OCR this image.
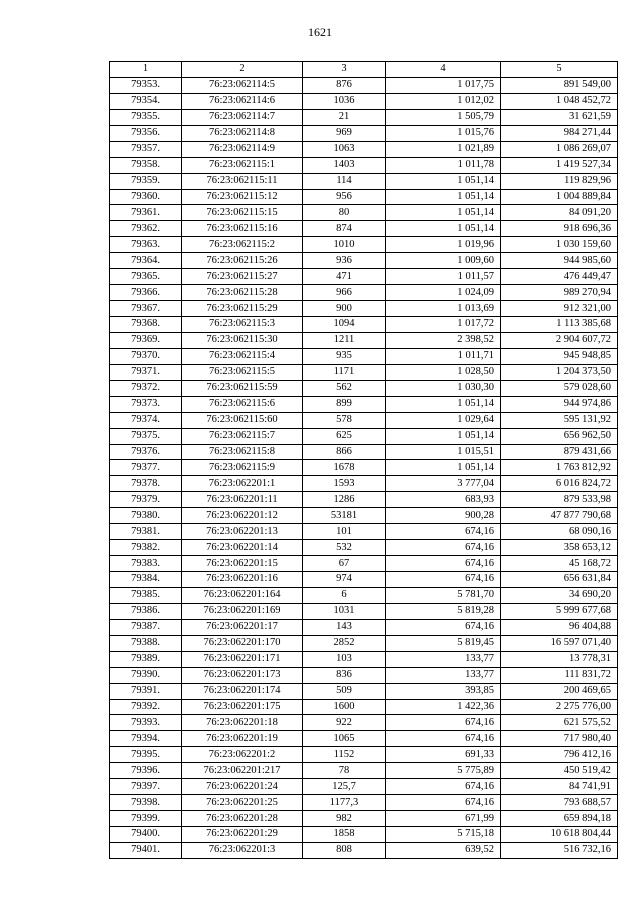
1621
1	2	3	4	5
79353.	76:23:062114:5	876	1 017,75	891 549,00
79354.	76:23:062114:6	1036	1 012,02	1 048 452,72
79355.	76:23:062114:7	21	1 505,79	31 621,59
79356.	76:23:062114:8	969	1 015,76	984 271,44
79357.	76:23:062114:9	1063	1 021,89	1 086 269,07
79358.	76:23:062115:1	1403	1 011,78	1 419 527,34
79359.	76:23:062115:11	114	1 051,14	119 829,96
79360.	76:23:062115:12	956	1 051,14	1 004 889,84
79361.	76:23:062115:15	80	1 051,14	84 091,20
79362.	76:23:062115:16	874	1 051,14	918 696,36
79363.	76:23:062115:2	1010	1 019,96	1 030 159,60
79364.	76:23:062115:26	936	1 009,60	944 985,60
79365.	76:23:062115:27	471	1 011,57	476 449,47
79366.	76:23:062115:28	966	1 024,09	989 270,94
79367.	76:23:062115:29	900	1 013,69	912 321,00
79368.	76:23:062115:3	1094	1 017,72	1 113 385,68
79369.	76:23:062115:30	1211	2 398,52	2 904 607,72
79370.	76:23:062115:4	935	1 011,71	945 948,85
79371.	76:23:062115:5	1171	1 028,50	1 204 373,50
79372.	76:23:062115:59	562	1 030,30	579 028,60
79373.	76:23:062115:6	899	1 051,14	944 974,86
79374.	76:23:062115:60	578	1 029,64	595 131,92
79375.	76:23:062115:7	625	1 051,14	656 962,50
79376.	76:23:062115:8	866	1 015,51	879 431,66
79377.	76:23:062115:9	1678	1 051,14	1 763 812,92
79378.	76:23:062201:1	1593	3 777,04	6 016 824,72
79379.	76:23:062201:11	1286	683,93	879 533,98
79380.	76:23:062201:12	53181	900,28	47 877 790,68
79381.	76:23:062201:13	101	674,16	68 090,16
79382.	76:23:062201:14	532	674,16	358 653,12
79383.	76:23:062201:15	67	674,16	45 168,72
79384.	76:23:062201:16	974	674,16	656 631,84
79385.	76:23:062201:164	6	5 781,70	34 690,20
79386.	76:23:062201:169	1031	5 819,28	5 999 677,68
79387.	76:23:062201:17	143	674,16	96 404,88
79388.	76:23:062201:170	2852	5 819,45	16 597 071,40
79389.	76:23:062201:171	103	133,77	13 778,31
79390.	76:23:062201:173	836	133,77	111 831,72
79391.	76:23:062201:174	509	393,85	200 469,65
79392.	76:23:062201:175	1600	1 422,36	2 275 776,00
79393.	76:23:062201:18	922	674,16	621 575,52
79394.	76:23:062201:19	1065	674,16	717 980,40
79395.	76:23:062201:2	1152	691,33	796 412,16
79396.	76:23:062201:217	78	5 775,89	450 519,42
79397.	76:23:062201:24	125,7	674,16	84 741,91
79398.	76:23:062201:25	1177,3	674,16	793 688,57
79399.	76:23:062201:28	982	671,99	659 894,18
79400.	76:23:062201:29	1858	5 715,18	10 618 804,44
79401.	76:23:062201:3	808	639,52	516 732,16
